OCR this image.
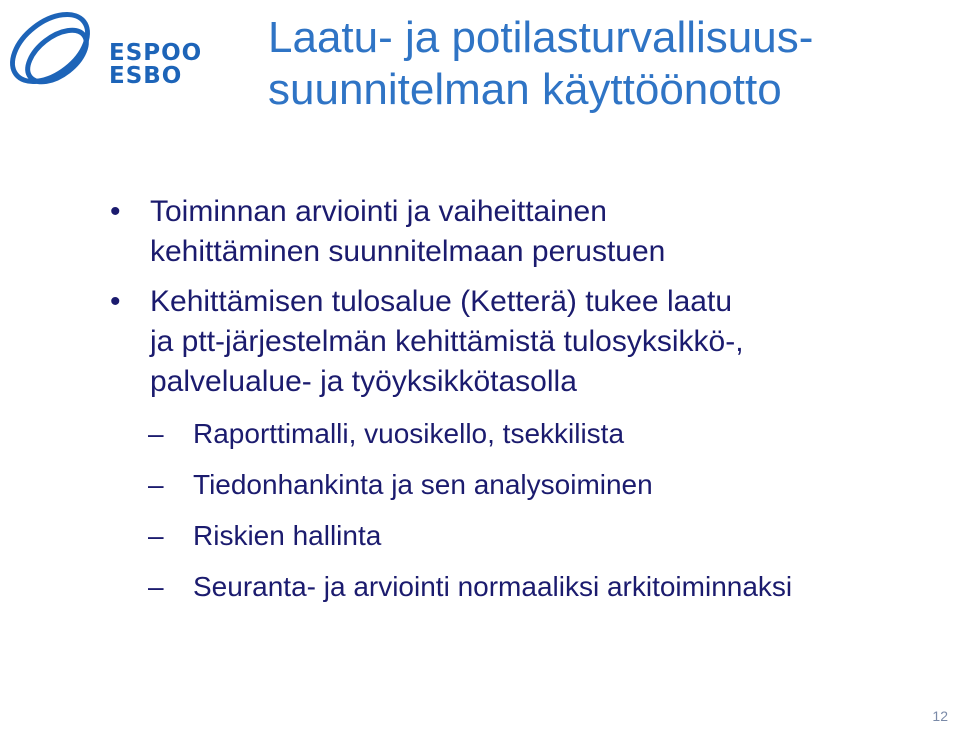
ESPOO
ESBO
Laatu- ja potilasturvallisuus-
suunnitelman käyttöönotto
• Toiminnan arviointi ja vaiheittainen
kehittäminen suunnitelmaan perustuen
• Kehittämisen tulosalue (Ketterä) tukee laatu
ja ptt-järjestelmän kehittämistä tulosyksikkö-,
palvelualue- ja työyksikkötasolla
– Raporttimalli, vuosikello, tsekkilista
– Tiedonhankinta ja sen analysoiminen
– Riskien hallinta
– Seuranta- ja arviointi normaaliksi arkitoiminnaksi
12
